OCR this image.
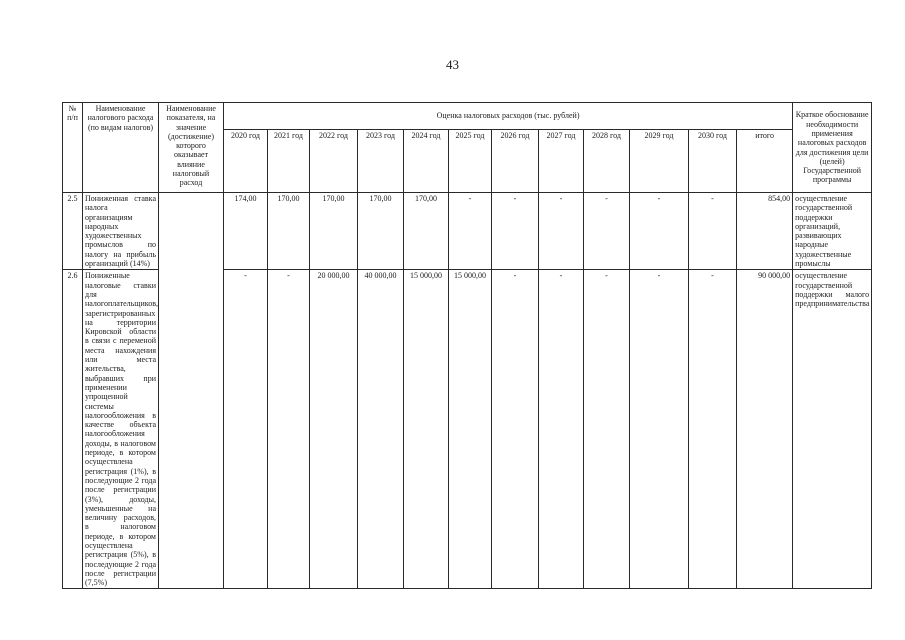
43
№ п/п	Наименование налогового расхода (по видам налогов)	Наименование показателя, на значение (достижение) которого оказывает влияние налоговый расход	Оценка налоговых расходов (тыс. рублей)												Краткое обоснование необходимости применения налоговых расходов для достижения цели (целей) Государственной программы
			2020 год	2021 год	2022 год	2023 год	2024 год	2025 год	2026 год	2027 год	2028 год	2029 год	2030 год	итого	
2.5	Пониженная ставка налога организациям народных художественных промыслов по налогу на прибыль организаций (14%)		174,00	170,00	170,00	170,00	170,00	-	-	-	-	-	-	854,00	осуществление государственной поддержки организаций, развивающих народные художественные промыслы
2.6	Пониженные налоговые ставки для налогоплательщиков, зарегистрированных на территории Кировской области в связи с переменой места нахождения или места жительства, выбравших при применении упрощенной системы налогообложения в качестве объекта налогообложения доходы, в налоговом периоде, в котором осуществлена регистрация (1%), в последующие 2 года после регистрации (3%), доходы, уменьшенные на величину расходов, в налоговом периоде, в котором осуществлена регистрация (5%), в последующие 2 года после регистрации (7,5%)		-	-	20 000,00	40 000,00	15 000,00	15 000,00	-	-	-	-	-	90 000,00	осуществление государственной поддержки малого предпринимательства
